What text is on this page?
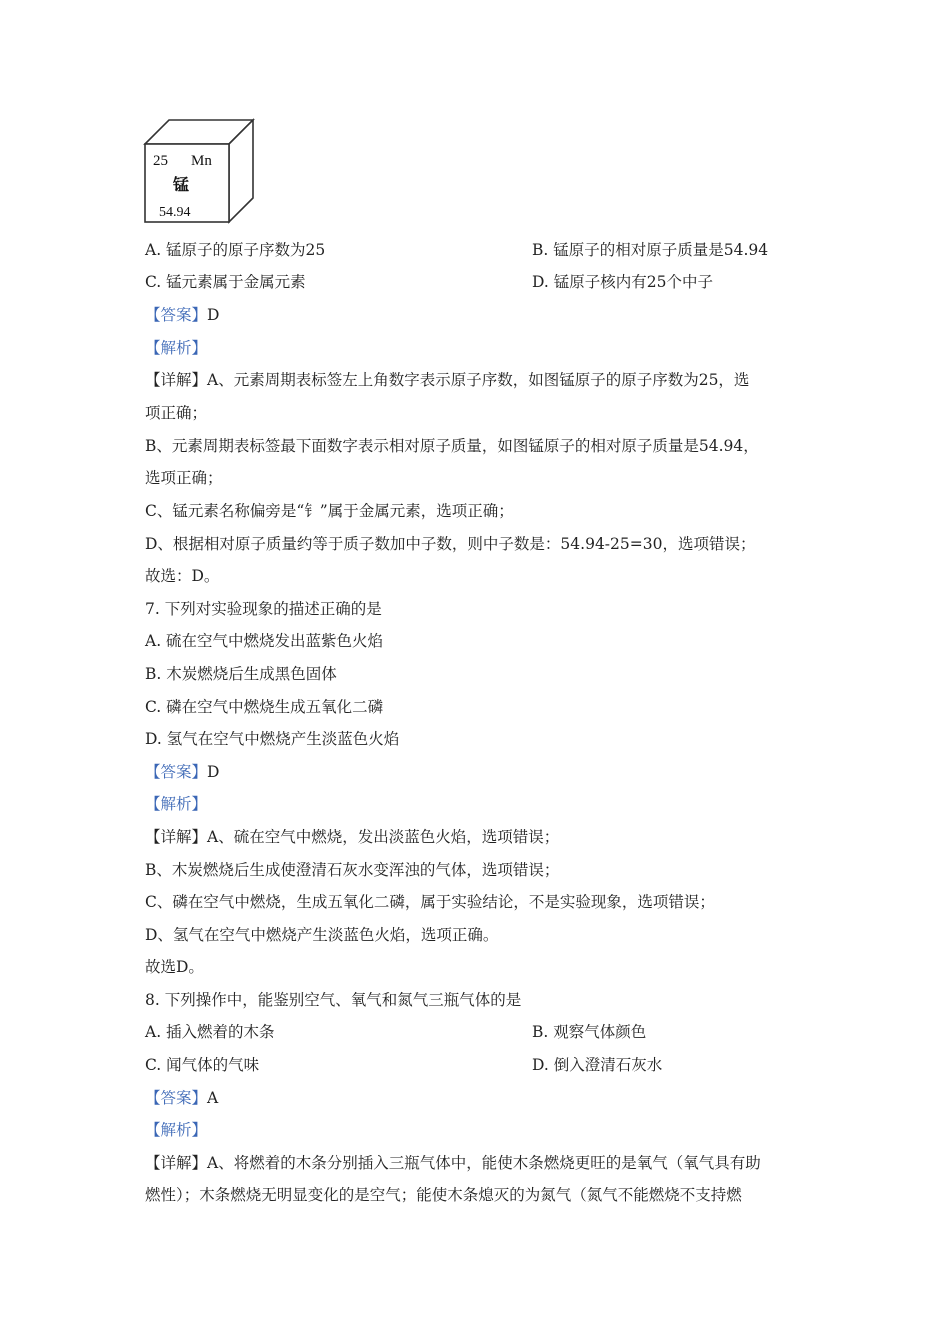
25 Mn
锰
54.94
A. 锰原子的原子序数为25	B. 锰原子的相对原子质量是54.94
C. 锰元素属于金属元素	D. 锰原子核内有25个中子
【答案】D
【解析】
【详解】A、元素周期表标签左上角数字表示原子序数，如图锰原子的原子序数为25，选
项正确；
B、元素周期表标签最下面数字表示相对原子质量，如图锰原子的相对原子质量是54.94，
选项正确；
C、锰元素名称偏旁是“钅”属于金属元素，选项正确；
D、根据相对原子质量约等于质子数加中子数，则中子数是：54.94-25=30，选项错误；
故选：D。
7. 下列对实验现象的描述正确的是
A. 硫在空气中燃烧发出蓝紫色火焰
B. 木炭燃烧后生成黑色固体
C. 磷在空气中燃烧生成五氧化二磷
D. 氢气在空气中燃烧产生淡蓝色火焰
【答案】D
【解析】
【详解】A、硫在空气中燃烧，发出淡蓝色火焰，选项错误；
B、木炭燃烧后生成使澄清石灰水变浑浊的气体，选项错误；
C、磷在空气中燃烧，生成五氧化二磷，属于实验结论，不是实验现象，选项错误；
D、氢气在空气中燃烧产生淡蓝色火焰，选项正确。
故选D。
8. 下列操作中，能鉴别空气、氧气和氮气三瓶气体的是
A. 插入燃着的木条	B. 观察气体颜色
C. 闻气体的气味	D. 倒入澄清石灰水
【答案】A
【解析】
【详解】A、将燃着的木条分别插入三瓶气体中，能使木条燃烧更旺的是氧气（氧气具有助
燃性）；木条燃烧无明显变化的是空气；能使木条熄灭的为氮气（氮气不能燃烧不支持燃
